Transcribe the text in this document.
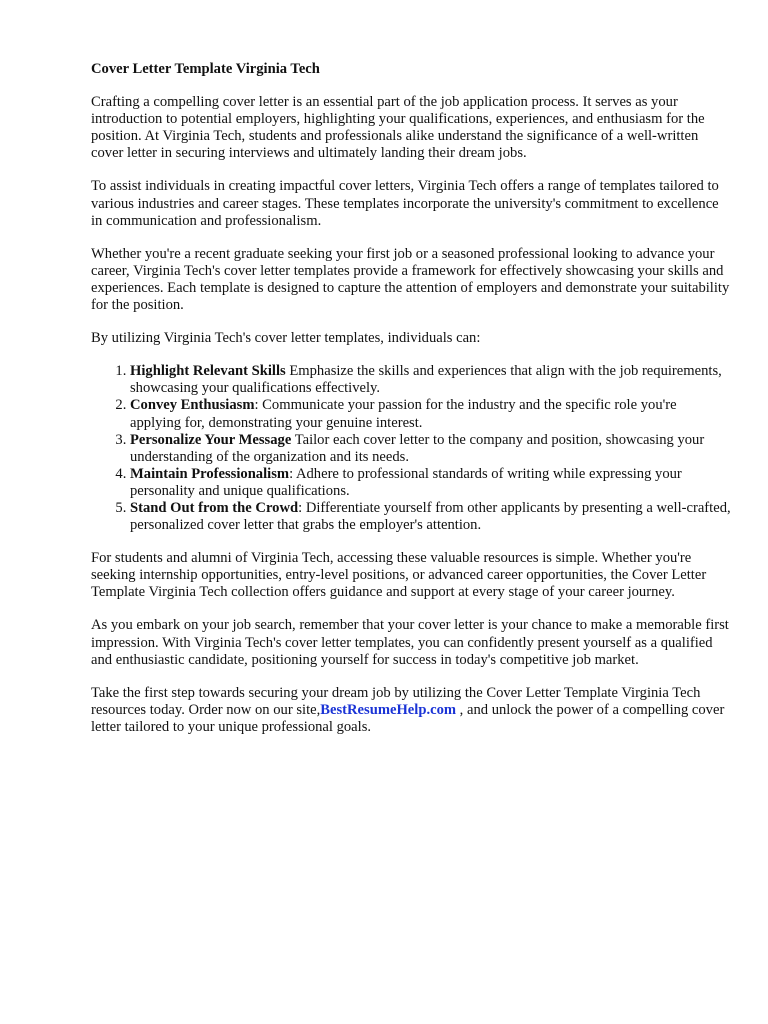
Cover Letter Template Virginia Tech

Crafting a compelling cover letter is an essential part of the job application process. It serves as your introduction to potential employers, highlighting your qualifications, experiences, and enthusiasm for the position. At Virginia Tech, students and professionals alike understand the significance of a well-written cover letter in securing interviews and ultimately landing their dream jobs.

To assist individuals in creating impactful cover letters, Virginia Tech offers a range of templates tailored to various industries and career stages. These templates incorporate the university's commitment to excellence in communication and professionalism.

Whether you're a recent graduate seeking your first job or a seasoned professional looking to advance your career, Virginia Tech's cover letter templates provide a framework for effectively showcasing your skills and experiences. Each template is designed to capture the attention of employers and demonstrate your suitability for the position.

By utilizing Virginia Tech's cover letter templates, individuals can:

1. Highlight Relevant Skills Emphasize the skills and experiences that align with the job requirements, showcasing your qualifications effectively.
2. Convey Enthusiasm: Communicate your passion for the industry and the specific role you're applying for, demonstrating your genuine interest.
3. Personalize Your Message Tailor each cover letter to the company and position, showcasing your understanding of the organization and its needs.
4. Maintain Professionalism: Adhere to professional standards of writing while expressing your personality and unique qualifications.
5. Stand Out from the Crowd: Differentiate yourself from other applicants by presenting a well-crafted, personalized cover letter that grabs the employer's attention.

For students and alumni of Virginia Tech, accessing these valuable resources is simple. Whether you're seeking internship opportunities, entry-level positions, or advanced career opportunities, the Cover Letter Template Virginia Tech collection offers guidance and support at every stage of your career journey.

As you embark on your job search, remember that your cover letter is your chance to make a memorable first impression. With Virginia Tech's cover letter templates, you can confidently present yourself as a qualified and enthusiastic candidate, positioning yourself for success in today's competitive job market.

Take the first step towards securing your dream job by utilizing the Cover Letter Template Virginia Tech resources today. Order now on our site,BestResumeHelp.com , and unlock the power of a compelling cover letter tailored to your unique professional goals.
